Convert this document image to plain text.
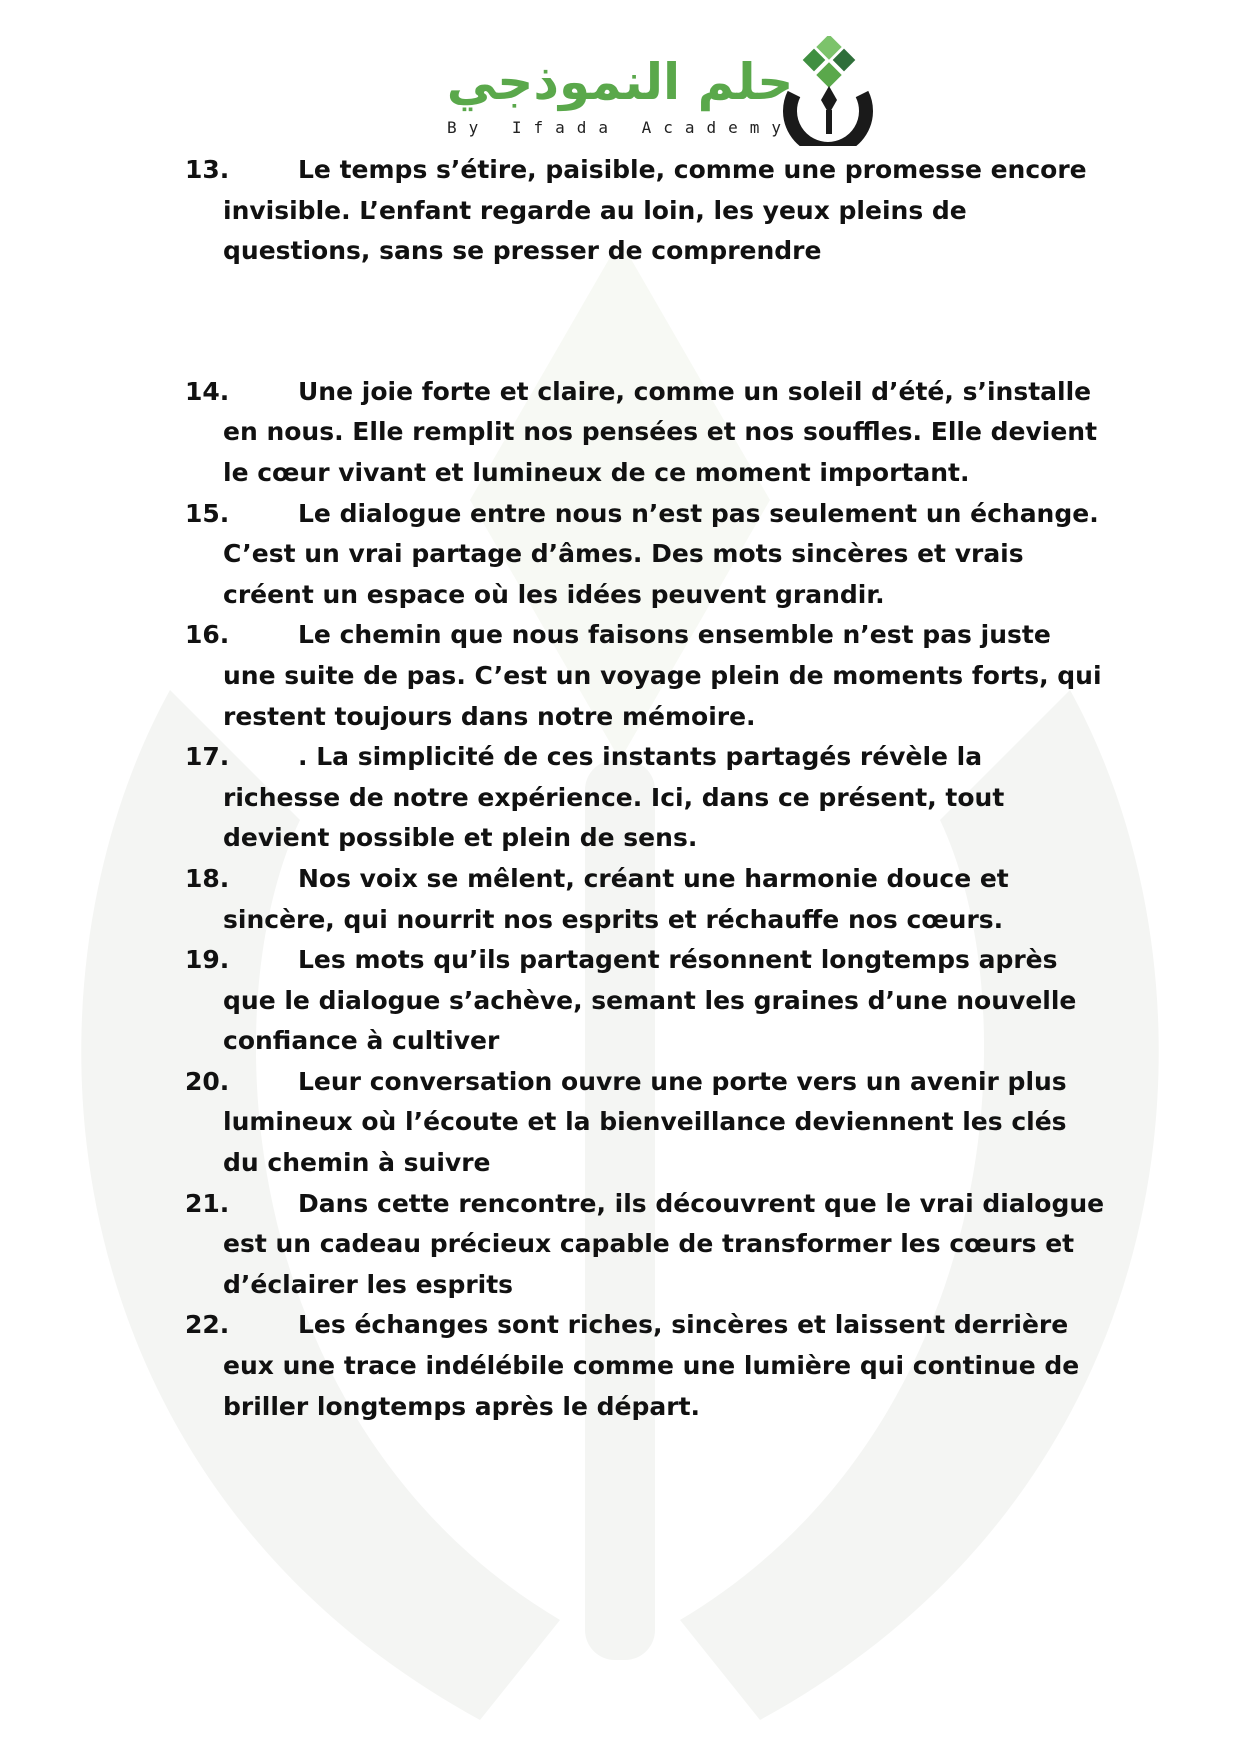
حلم النموذجي
By Ifada Academy

13.	Le temps s’étire, paisible, comme une promesse encore invisible. L’enfant regarde au loin, les yeux pleins de questions, sans se presser de comprendre

14.	Une joie forte et claire, comme un soleil d’été, s’installe en nous. Elle remplit nos pensées et nos souffles. Elle devient le cœur vivant et lumineux de ce moment important.

15.	Le dialogue entre nous n’est pas seulement un échange. C’est un vrai partage d’âmes. Des mots sincères et vrais créent un espace où les idées peuvent grandir.

16.	Le chemin que nous faisons ensemble n’est pas juste une suite de pas. C’est un voyage plein de moments forts, qui restent toujours dans notre mémoire.

17.	. La simplicité de ces instants partagés révèle la richesse de notre expérience. Ici, dans ce présent, tout devient possible et plein de sens.

18.	Nos voix se mêlent, créant une harmonie douce et sincère, qui nourrit nos esprits et réchauffe nos cœurs.

19.	Les mots qu’ils partagent résonnent longtemps après que le dialogue s’achève, semant les graines d’une nouvelle confiance à cultiver

20.	Leur conversation ouvre une porte vers un avenir plus lumineux où l’écoute et la bienveillance deviennent les clés du chemin à suivre

21.	Dans cette rencontre, ils découvrent que le vrai dialogue est un cadeau précieux capable de transformer les cœurs et d’éclairer les esprits

22.	Les échanges sont riches, sincères et laissent derrière eux une trace indélébile comme une lumière qui continue de briller longtemps après le départ.
